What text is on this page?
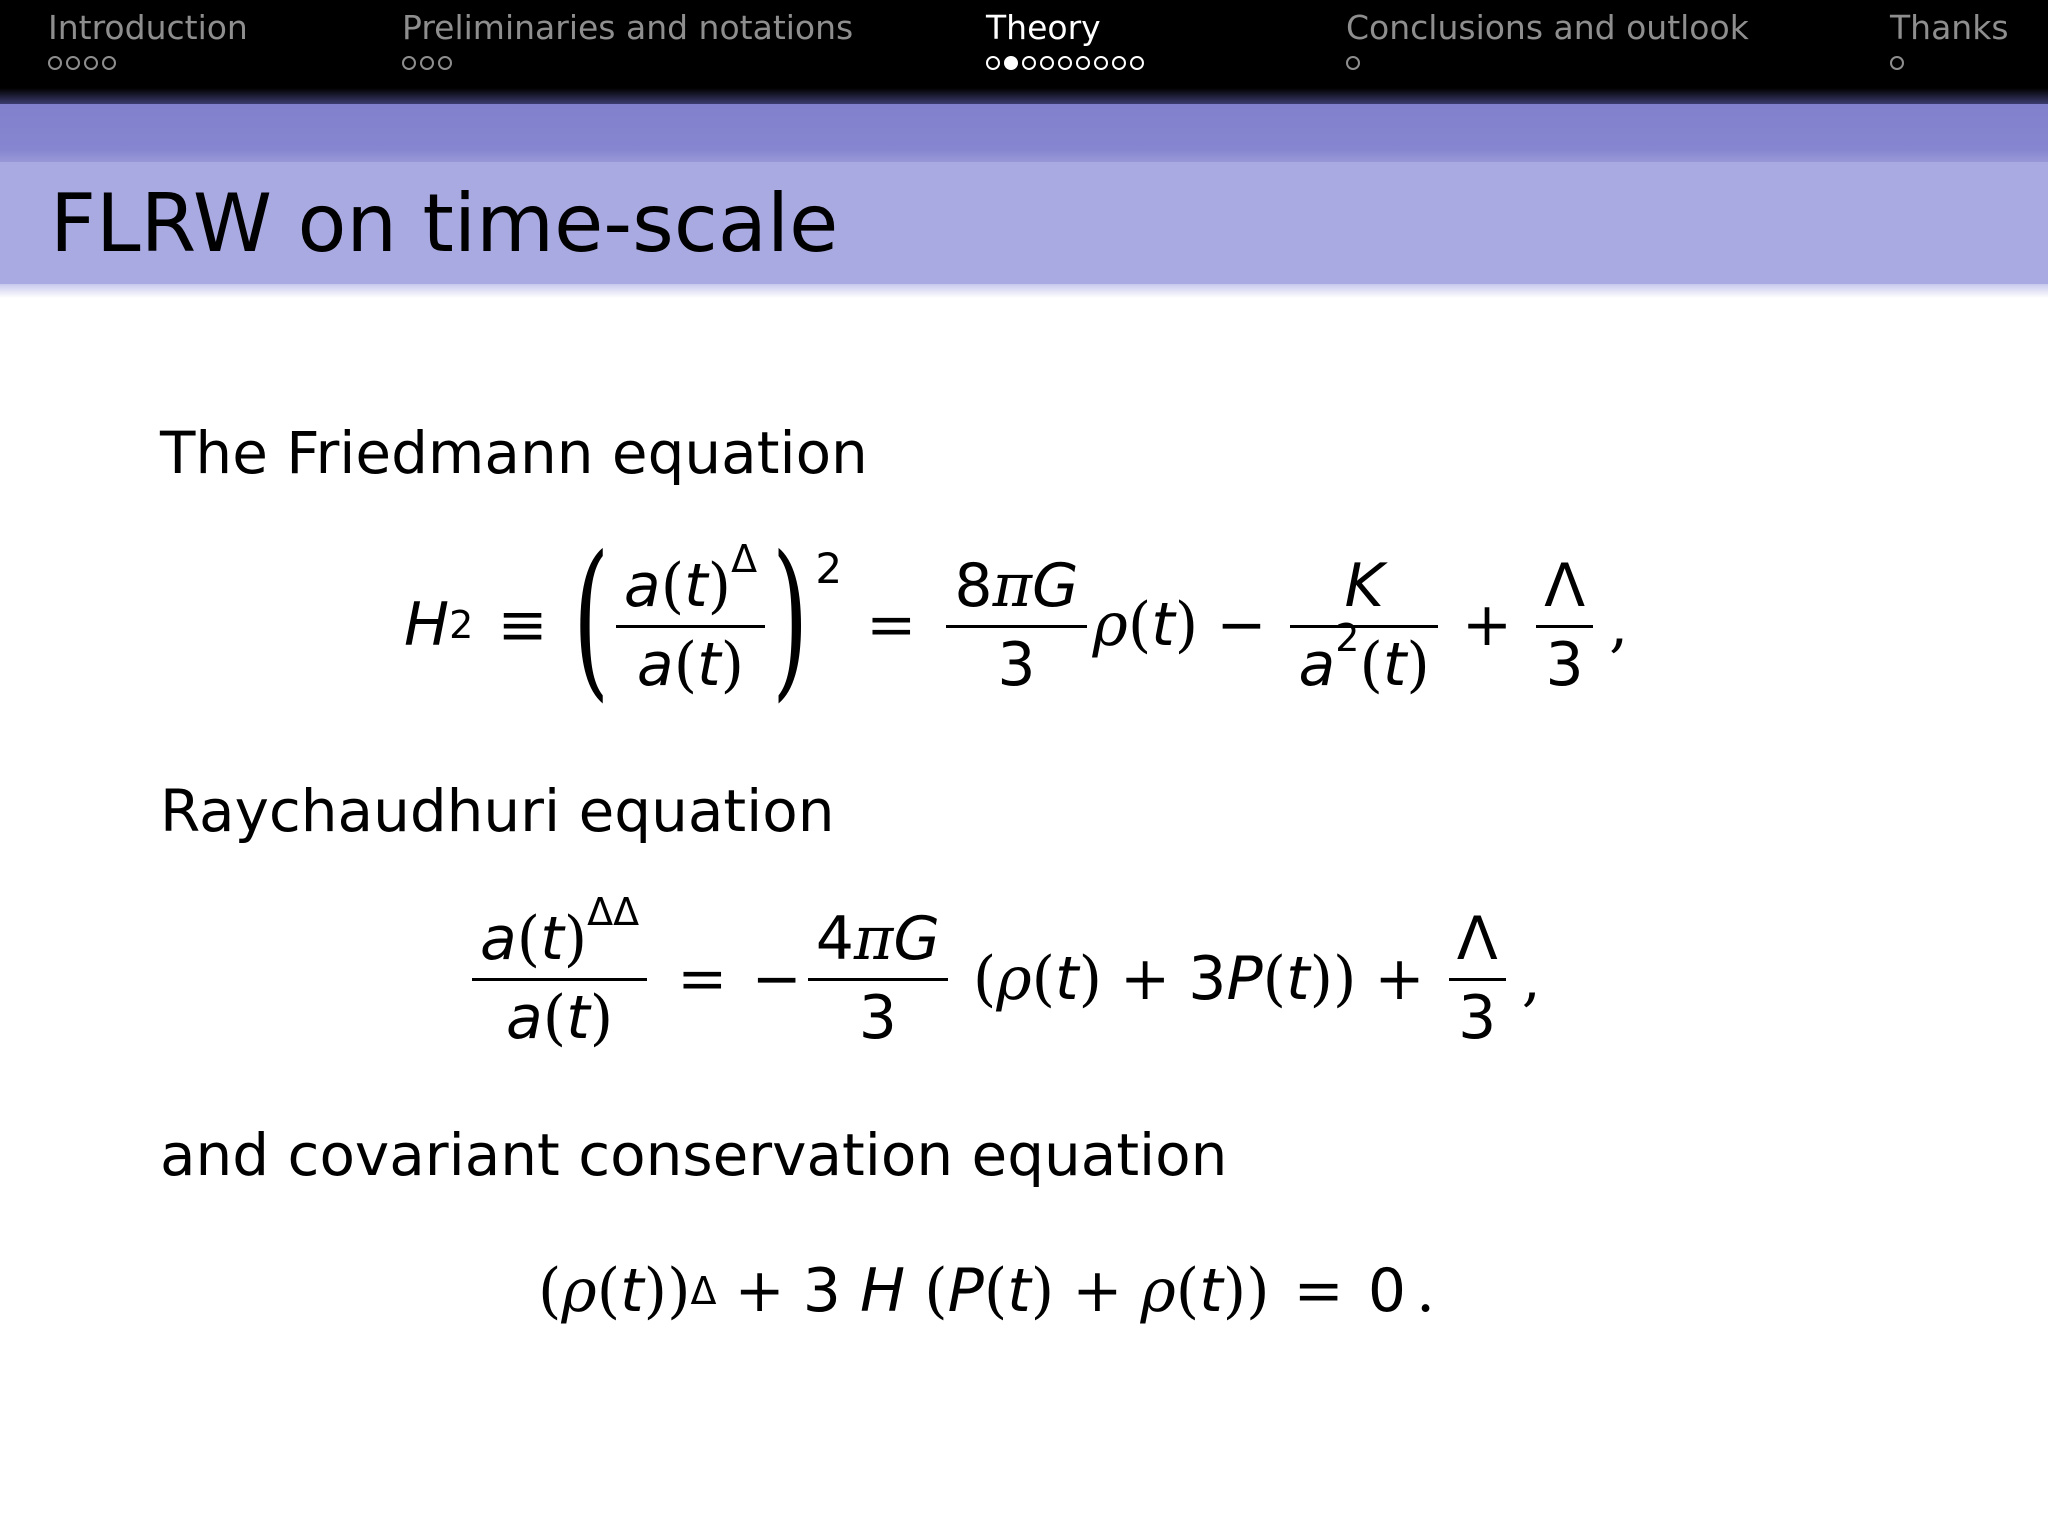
Introduction	Preliminaries and notations	Theory	Conclusions and outlook	Thanks
FLRW on time-scale
The Friedmann equation
H 2 ≡ ( $\frac{a(t)^\Delta}{a(t)}$ ) 2
= $\frac{8\pi G}{3}$ ρ ( t ) − $\frac{K}{a^2(t)} + \frac{\Lambda}{3}$ ,
Raychaudhuri equation
$\frac{a(t)^{\Delta\Delta}}{a(t)}$ = − $\frac{4\pi G}{3}$ ( ρ ( t ) + 3 P ( t )) + $\frac{\Lambda}{3}$ ,
and covariant conservation equation
( ρ ( t )) Δ + 3 H
( P ( t ) + ρ ( t )) = 0 .
